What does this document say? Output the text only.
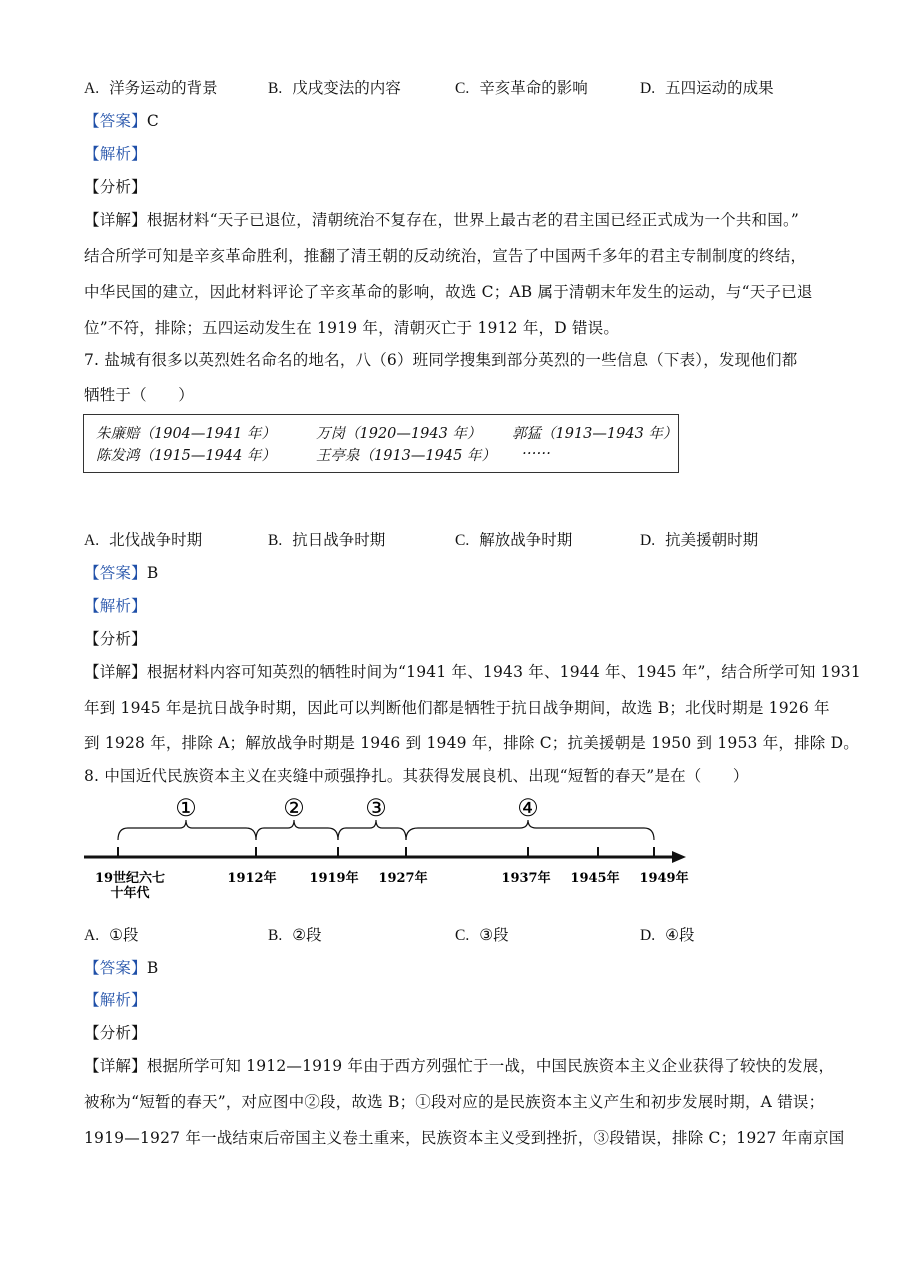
A. 洋务运动的背景	B. 戊戌变法的内容	C. 辛亥革命的影响	D. 五四运动的成果
【答案】C
【解析】
【分析】
【详解】根据材料“天子已退位，清朝统治不复存在，世界上最古老的君主国已经正式成为一个共和国。”
结合所学可知是辛亥革命胜利，推翻了清王朝的反动统治，宣告了中国两千多年的君主专制制度的终结，
中华民国的建立，因此材料评论了辛亥革命的影响，故选 C；AB 属于清朝末年发生的运动，与“天子已退
位”不符，排除；五四运动发生在 1919 年，清朝灭亡于 1912 年，D 错误。
7. 盐城有很多以英烈姓名命名的地名，八（6）班同学搜集到部分英烈的一些信息（下表），发现他们都
牺牲于（　　）
朱廉赔（1904—1941 年）	万岗（1920—1943 年） 郭猛（1913—1943 年）
陈发鸿（1915—1944 年）	王亭泉（1913—1945 年） ……
A. 北伐战争时期	B. 抗日战争时期	C. 解放战争时期	D. 抗美援朝时期
【答案】B
【解析】
【分析】
【详解】根据材料内容可知英烈的牺牲时间为“1941 年、1943 年、1944 年、1945 年”，结合所学可知 1931
年到 1945 年是抗日战争时期，因此可以判断他们都是牺牲于抗日战争期间，故选 B；北伐时期是 1926 年
到 1928 年，排除 A；解放战争时期是 1946 到 1949 年，排除 C；抗美援朝是 1950 到 1953 年，排除 D。
8. 中国近代民族资本主义在夹缝中顽强挣扎。其获得发展良机、出现“短暂的春天”是在（　　）
①	②	③	④
19世纪六七
十年代
1912年	1919年 1927年	1937年 1945年 1949年
A. ①段	B. ②段	C. ③段	D. ④段
【答案】B
【解析】
【分析】
【详解】根据所学可知 1912—1919 年由于西方列强忙于一战，中国民族资本主义企业获得了较快的发展，
被称为“短暂的春天”，对应图中②段，故选 B；①段对应的是民族资本主义产生和初步发展时期，A 错误；
1919—1927 年一战结束后帝国主义卷土重来，民族资本主义受到挫折，③段错误，排除 C；1927 年南京国
